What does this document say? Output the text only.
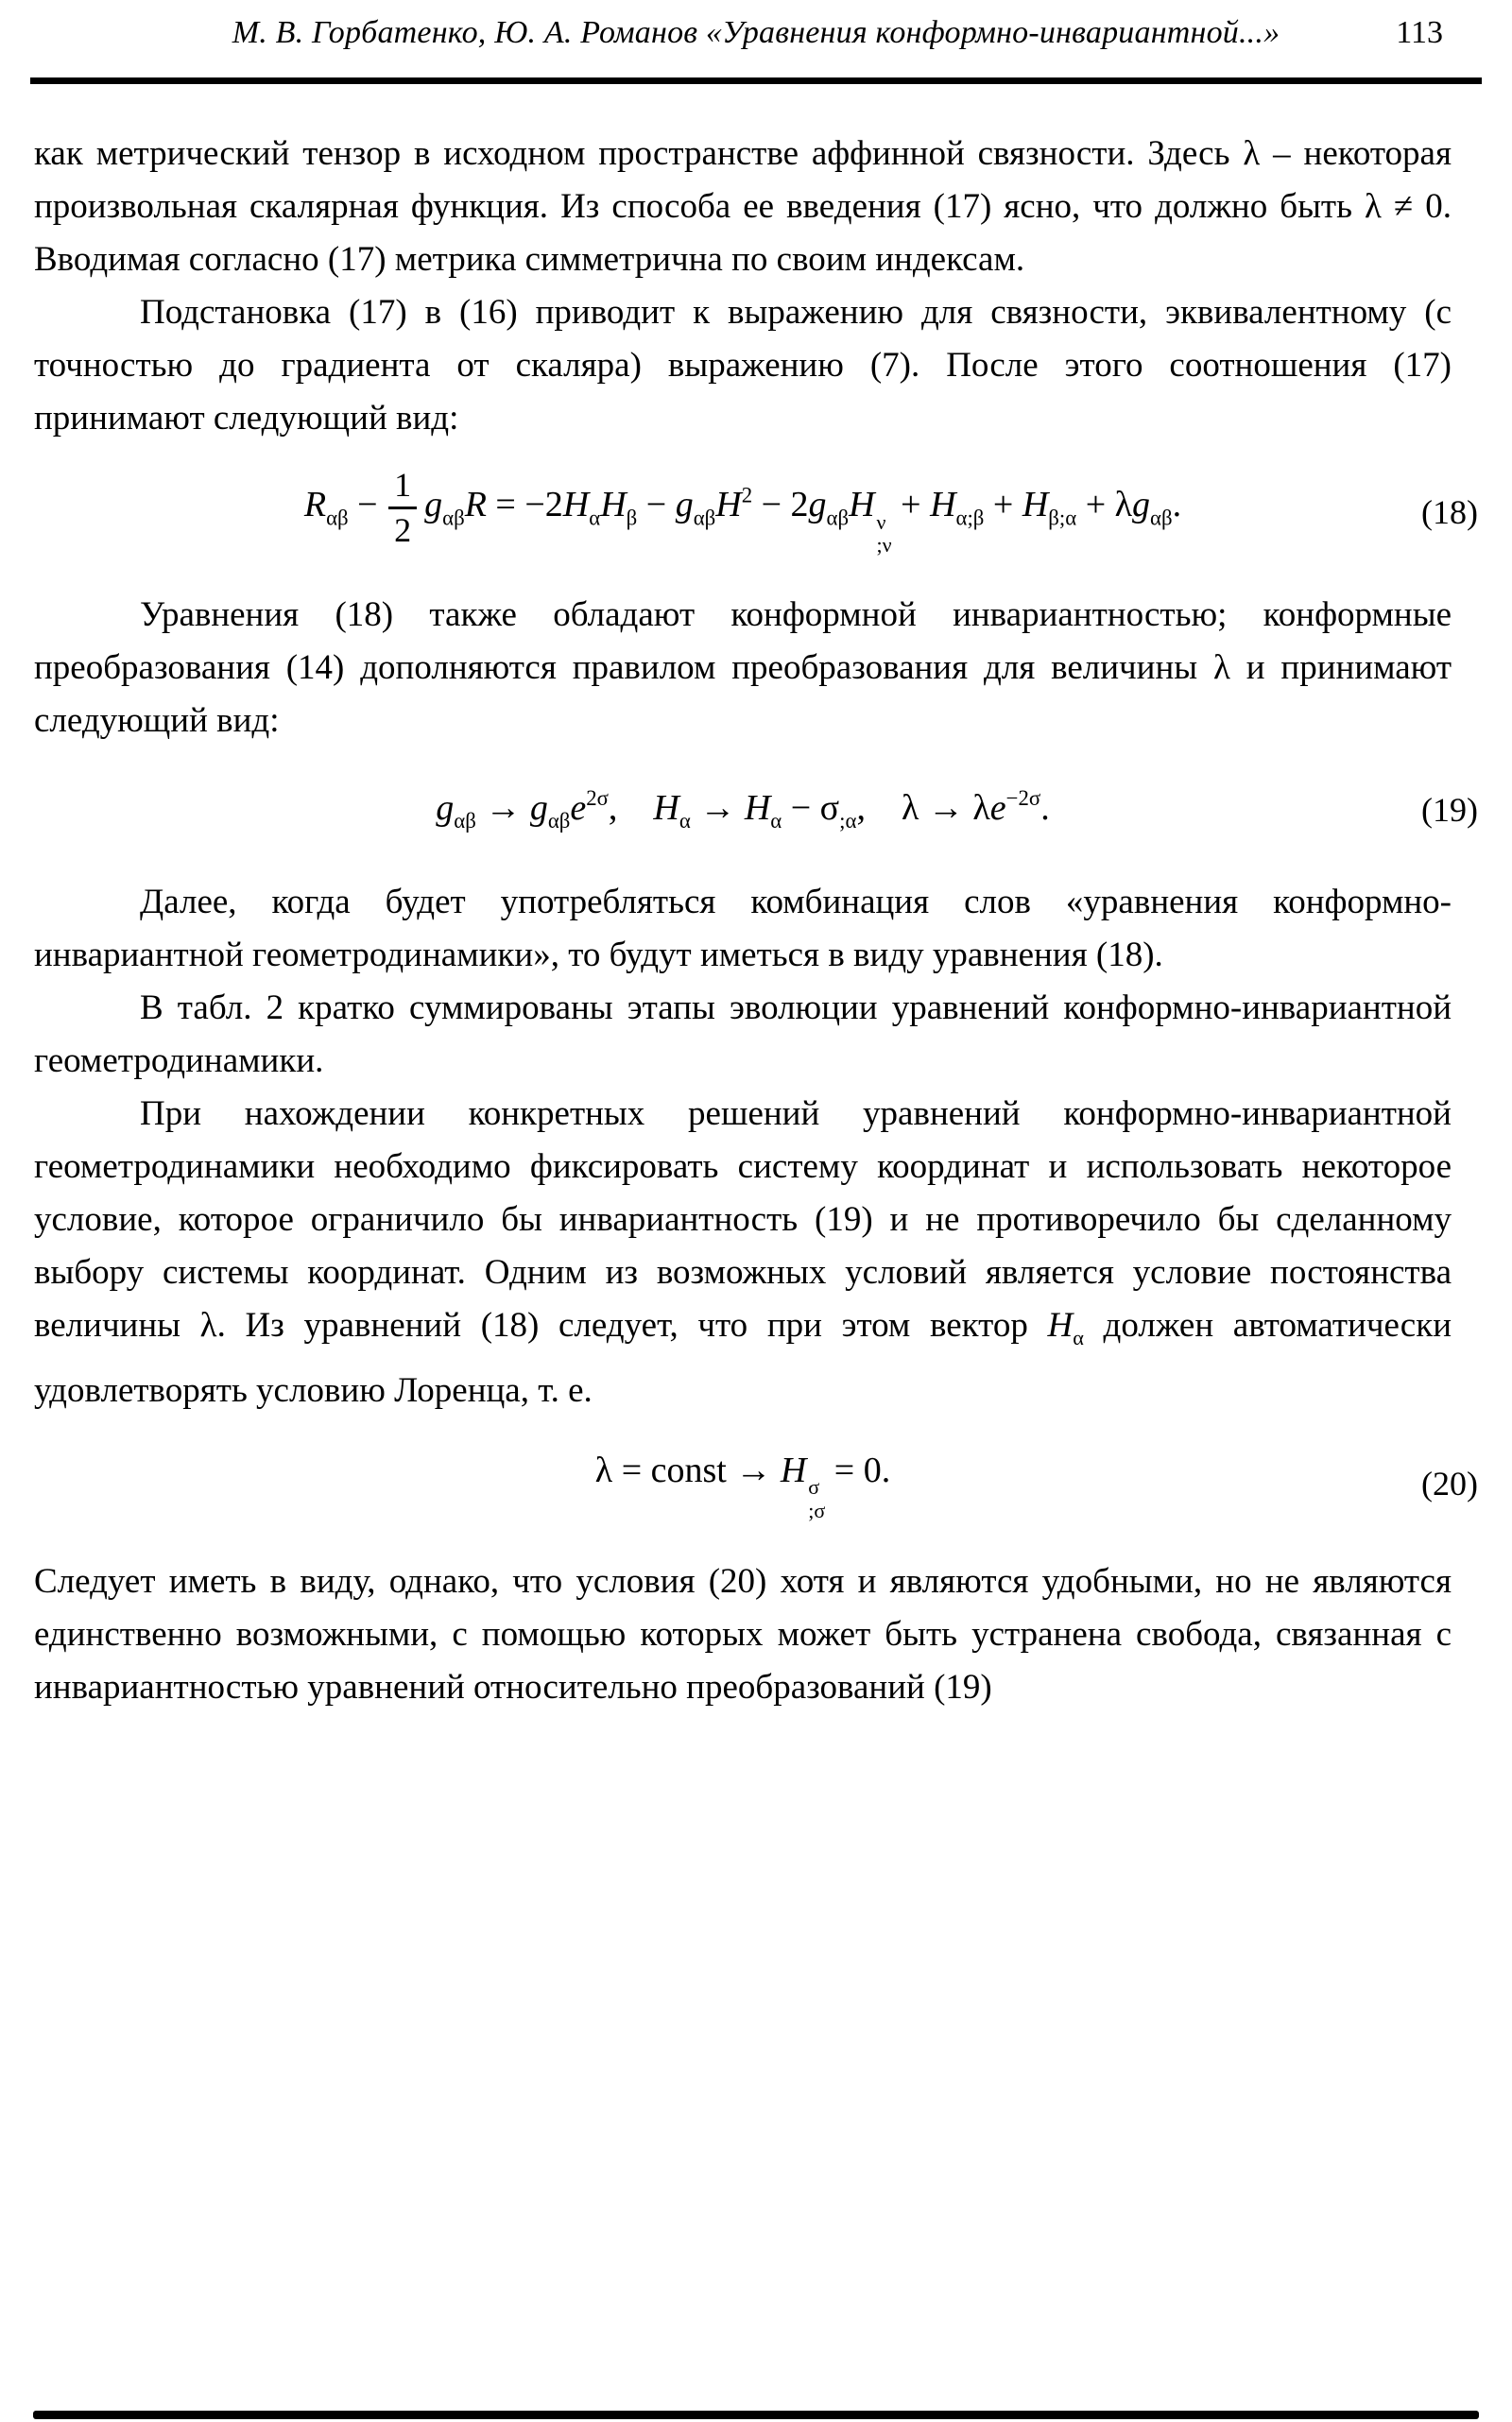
М. В. Горбатенко, Ю. А. Романов «Уравнения конформно-инвариантной...»	113

как метрический тензор в исходном пространстве аффинной связности. Здесь λ – некоторая произвольная скалярная функция. Из способа ее введения (17) ясно, что должно быть λ ≠ 0. Вводимая согласно (17) метрика симметрична по своим индексам.

Подстановка (17) в (16) приводит к выражению для связности, эквивалентному (с точностью до градиента от скаляра) выражению (7). После этого соотношения (17) принимают следующий вид:

$R_{\alpha\beta} - \frac{1}{2} g_{\alpha\beta}R = -2H_\alpha H_\beta - g_{\alpha\beta}H^2 - 2g_{\alpha\beta}H$ ν
;ν
+ $H_{\alpha;\beta} + H_{\beta;\alpha} + \lambda g_{\alpha\beta}$.	(18)

Уравнения (18) также обладают конформной инвариантностью; конформные преобразования (14) дополняются правилом преобразования для величины λ и принимают следующий вид:

$g_{\alpha\beta} \to g_{\alpha\beta}e^{2\sigma}$, $H_\alpha \to H_\alpha - \sigma_{;\alpha}$, $\lambda \to \lambda e^{-2\sigma}$.	(19)

Далее, когда будет употребляться комбинация слов «уравнения конформно-инвариантной геометродинамики», то будут иметься в виду уравнения (18).

В табл. 2 кратко суммированы этапы эволюции уравнений конформно-инвариантной геометродинамики.

При нахождении конкретных решений уравнений конформно-инвариантной геометродинамики необходимо фиксировать систему координат и использовать некоторое условие, которое ограничило бы инвариантность (19) и не противоречило бы сделанному выбору системы координат. Одним из возможных условий является условие постоянства величины λ. Из уравнений (18) следует, что при этом вектор $H_\alpha$ должен автоматически удовлетворять условию Лоренца, т. е.

λ = const → H σ
;σ
= 0.	(20)

Следует иметь в виду, однако, что условия (20) хотя и являются удобными, но не являются единственно возможными, с помощью которых может быть устранена свобода, связанная с инвариантностью уравнений относительно преобразований (19)
